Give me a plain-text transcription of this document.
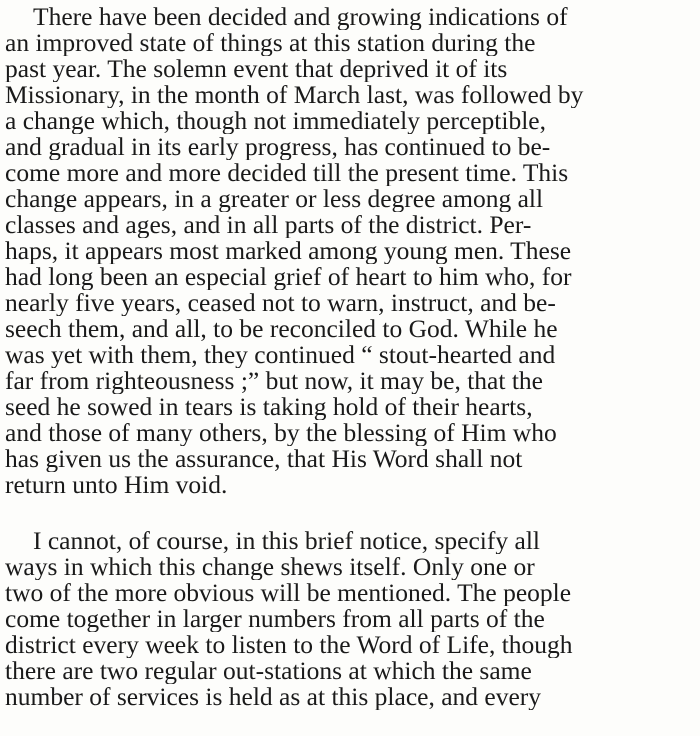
There have been decided and growing indications of
an improved state of things at this station during the
past year. The solemn event that deprived it of its
Missionary, in the month of March last, was followed by
a change which, though not immediately perceptible,
and gradual in its early progress, has continued to be-
come more and more decided till the present time. This
change appears, in a greater or less degree among all
classes and ages, and in all parts of the district. Per-
haps, it appears most marked among young men. These
had long been an especial grief of heart to him who, for
nearly five years, ceased not to warn, instruct, and be-
seech them, and all, to be reconciled to God. While he
was yet with them, they continued “ stout-hearted and
far from righteousness ;” but now, it may be, that the
seed he sowed in tears is taking hold of their hearts,
and those of many others, by the blessing of Him who
has given us the assurance, that His Word shall not
return unto Him void.
I cannot, of course, in this brief notice, specify all
ways in which this change shews itself. Only one or
two of the more obvious will be mentioned. The people
come together in larger numbers from all parts of the
district every week to listen to the Word of Life, though
there are two regular out-stations at which the same
number of services is held as at this place, and every
